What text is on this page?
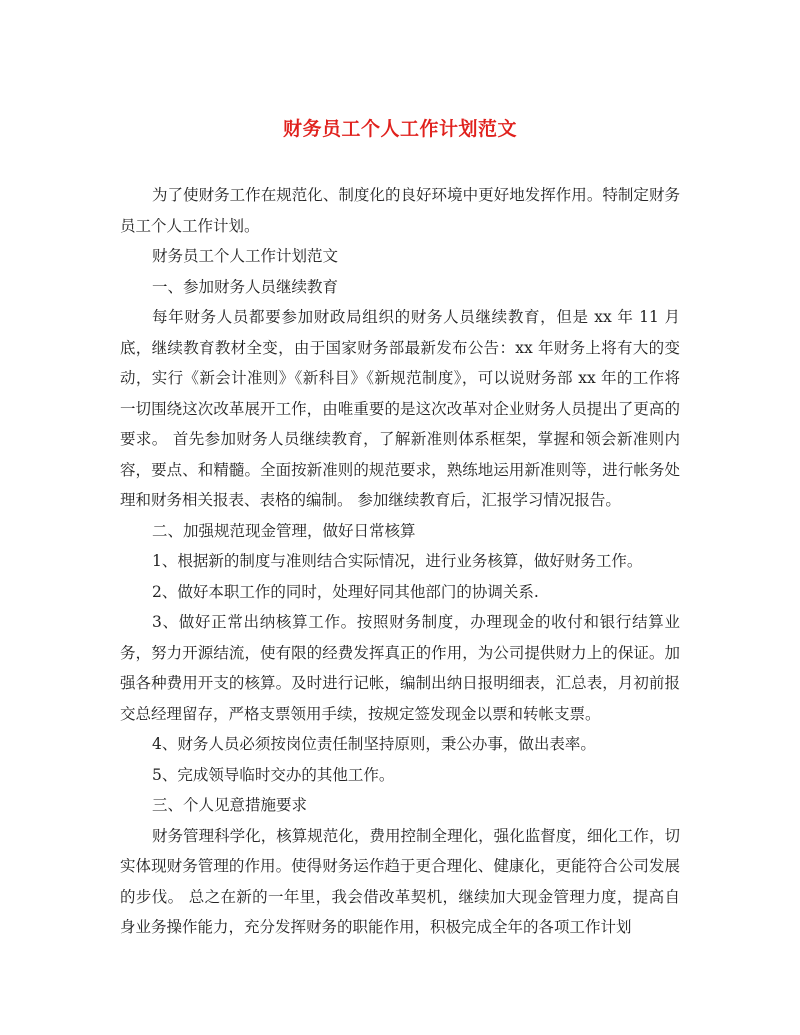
财务员工个人工作计划范文

为了使财务工作在规范化、制度化的良好环境中更好地发挥作用。特制定财务员工个人工作计划。

财务员工个人工作计划范文

一、参加财务人员继续教育

每年财务人员都要参加财政局组织的财务人员继续教育，但是 xx 年 11 月底，继续教育教材全变，由于国家财务部最新发布公告：xx 年财务上将有大的变动，实行《新会计准则》《新科目》《新规范制度》，可以说财务部 xx 年的工作将一切围绕这次改革展开工作，由唯重要的是这次改革对企业财务人员提出了更高的要求。 首先参加财务人员继续教育，了解新准则体系框架，掌握和领会新准则内容，要点、和精髓。全面按新准则的规范要求，熟练地运用新准则等，进行帐务处理和财务相关报表、表格的编制。 参加继续教育后，汇报学习情况报告。

二、加强规范现金管理，做好日常核算

1、根据新的制度与准则结合实际情况，进行业务核算，做好财务工作。

2、做好本职工作的同时，处理好同其他部门的协调关系.

3、做好正常出纳核算工作。按照财务制度，办理现金的收付和银行结算业务，努力开源结流，使有限的经费发挥真正的作用，为公司提供财力上的保证。加强各种费用开支的核算。及时进行记帐，编制出纳日报明细表，汇总表，月初前报交总经理留存，严格支票领用手续，按规定签发现金以票和转帐支票。

4、财务人员必须按岗位责任制坚持原则，秉公办事，做出表率。

5、完成领导临时交办的其他工作。

三、个人见意措施要求

财务管理科学化，核算规范化，费用控制全理化，强化监督度，细化工作，切实体现财务管理的作用。使得财务运作趋于更合理化、健康化，更能符合公司发展的步伐。 总之在新的一年里，我会借改革契机，继续加大现金管理力度，提高自身业务操作能力，充分发挥财务的职能作用，积极完成全年的各项工作计划
